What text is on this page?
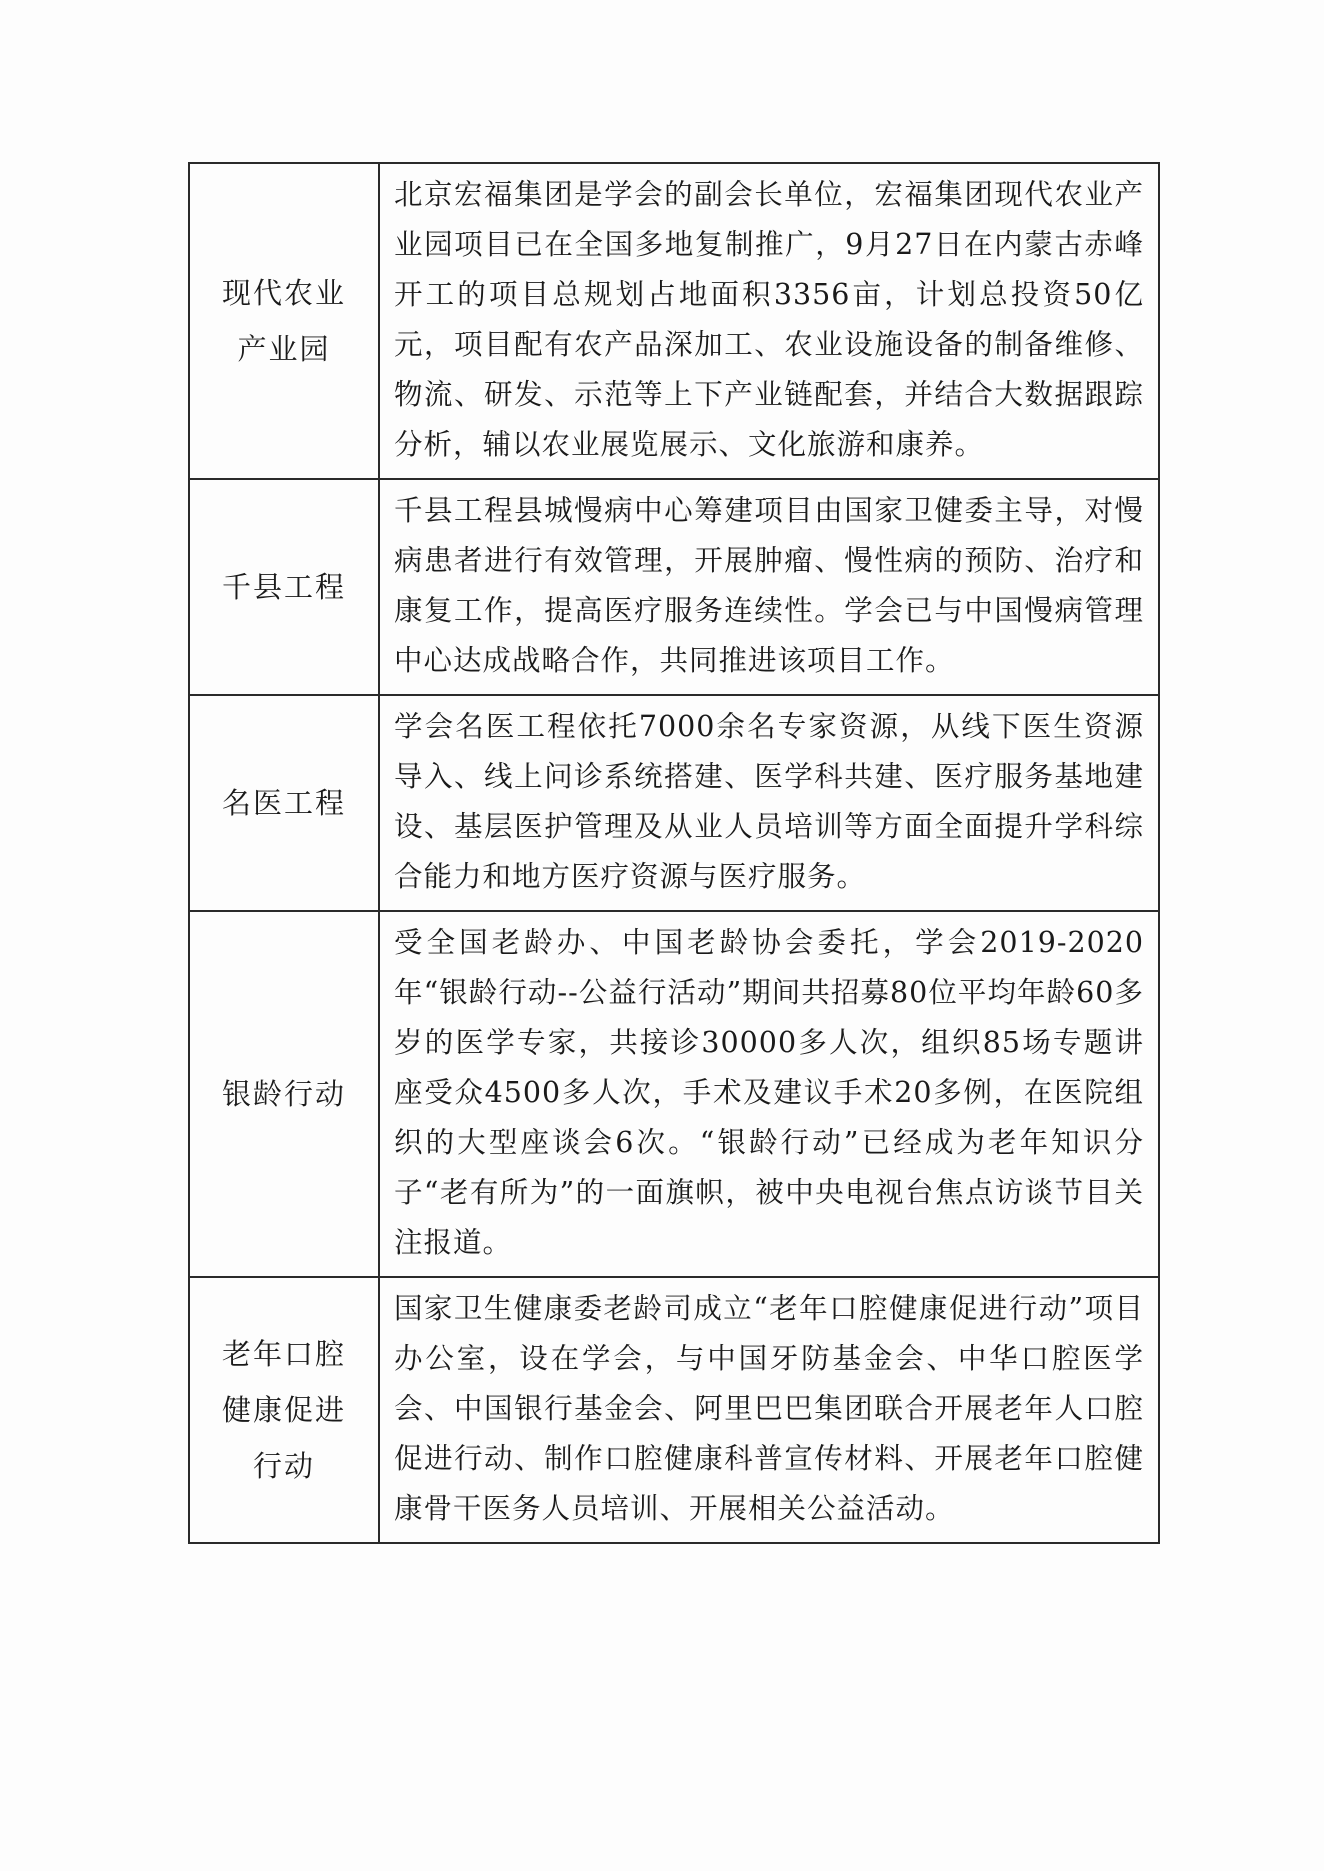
现代农业
产业园	北京宏福集团是学会的副会长单位，宏福集团现代农业产业园项目已在全国多地复制推广，9月27日在内蒙古赤峰开工的项目总规划占地面积3356亩，计划总投资50亿元，项目配有农产品深加工、农业设施设备的制备维修、物流、研发、示范等上下产业链配套，并结合大数据跟踪分析，辅以农业展览展示、文化旅游和康养。

千县工程	千县工程县城慢病中心筹建项目由国家卫健委主导，对慢病患者进行有效管理，开展肿瘤、慢性病的预防、治疗和康复工作，提高医疗服务连续性。学会已与中国慢病管理中心达成战略合作，共同推进该项目工作。

名医工程	学会名医工程依托7000余名专家资源，从线下医生资源导入、线上问诊系统搭建、医学科共建、医疗服务基地建设、基层医护管理及从业人员培训等方面全面提升学科综合能力和地方医疗资源与医疗服务。

银龄行动	受全国老龄办、中国老龄协会委托，学会2019-2020年“银龄行动--公益行活动”期间共招募80位平均年龄60多岁的医学专家，共接诊30000多人次，组织85场专题讲座受众4500多人次，手术及建议手术20多例，在医院组织的大型座谈会6次。“银龄行动”已经成为老年知识分子“老有所为”的一面旗帜，被中央电视台焦点访谈节目关注报道。

老年口腔
健康促进
行动	国家卫生健康委老龄司成立“老年口腔健康促进行动”项目办公室，设在学会，与中国牙防基金会、中华口腔医学会、中国银行基金会、阿里巴巴集团联合开展老年人口腔促进行动、制作口腔健康科普宣传材料、开展老年口腔健康骨干医务人员培训、开展相关公益活动。
